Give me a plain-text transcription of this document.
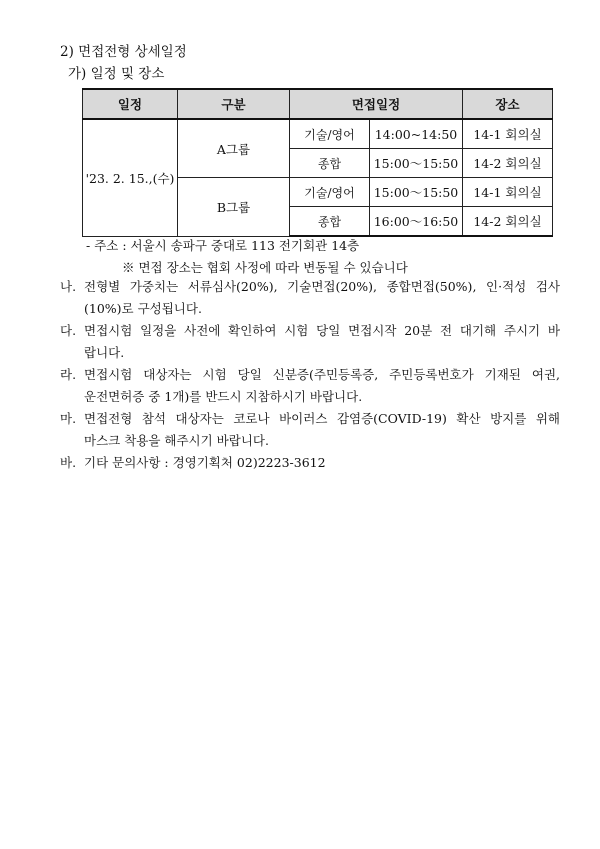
2) 면접전형 상세일정
가) 일정 및 장소
일정	구분	면접일정		장소
'23. 2. 15.,(수)	A그룹	기술/영어	14:00~14:50	14-1 회의실
		종합	15:00～15:50	14-2 회의실
	B그룹	기술/영어	15:00～15:50	14-1 회의실
		종합	16:00～16:50	14-2 회의실
- 주소 : 서울시 송파구 중대로 113 전기회관 14층
※ 면접 장소는 협회 사정에 따라 변동될 수 있습니다
나. 전형별 가중치는 서류심사(20%), 기술면접(20%), 종합면접(50%), 인·적성 검사
(10%)로 구성됩니다.
다. 면접시험 일정을 사전에 확인하여 시험 당일 면접시작 20분 전 대기해 주시기 바
랍니다.
라. 면접시험 대상자는 시험 당일 신분증(주민등록증, 주민등록번호가 기재된 여권,
운전면허증 중 1개)를 반드시 지참하시기 바랍니다.
마. 면접전형 참석 대상자는 코로나 바이러스 감염증(COVID-19) 확산 방지를 위해
마스크 착용을 해주시기 바랍니다.
바. 기타 문의사항 : 경영기획처 02)2223-3612
